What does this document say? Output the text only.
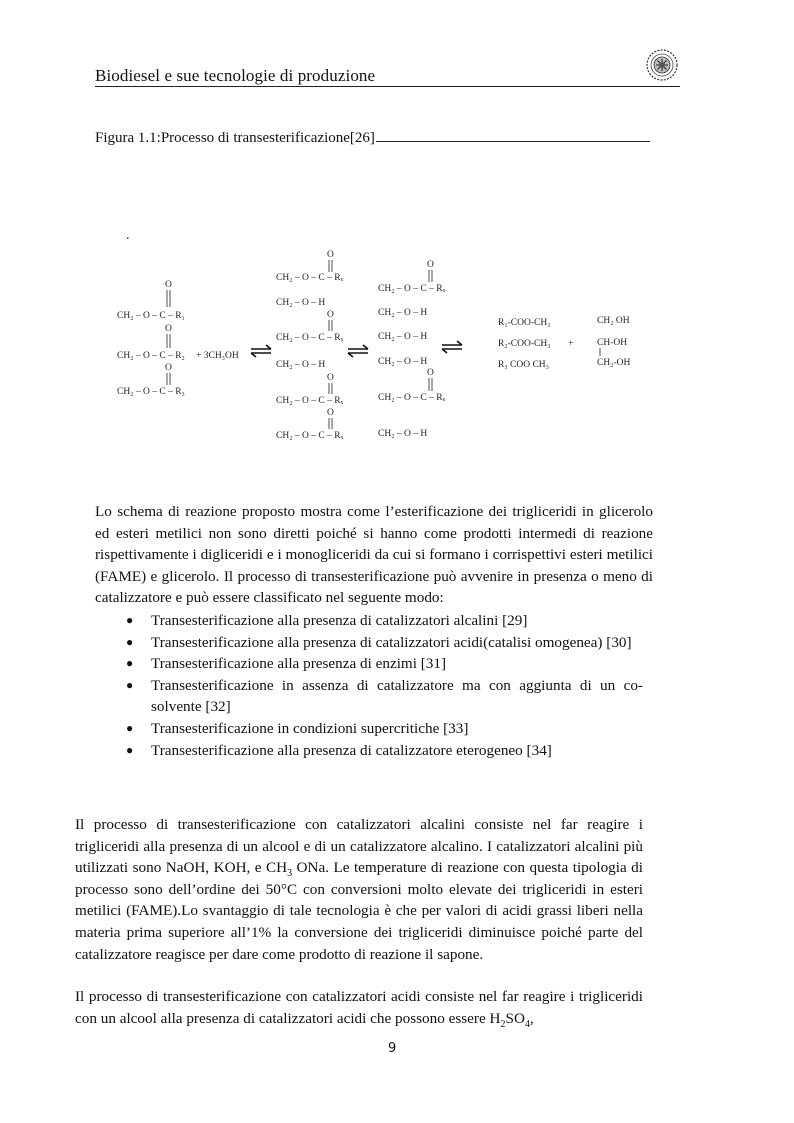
Biodiesel e sue tecnologie di produzione
Figura 1.1:Processo di transesterificazione[26]
.
O
CH₂ – O – C – R₁
O
CH₂ – O – C – R₂ + 3CH₃OH
O
CH₂ – O – C – R₃
O
CH₂ – O – C – Rₓ
CH₂ – O – H
O
CH₂ – O – C – Rₓ
CH₂ – O – H
O
CH₂ – O – C – Rₓ
O
CH₂ – O – C – Rₓ
O
CH₂ – O – C – Rₓ
CH₂ – O – H
CH₂ – O – H
CH₂ – O – H
O
CH₂ – O – C – Rₓ
CH₂ – O – H
R₁-COO-CH₃
R₂-COO-CH₃
R₃ COO CH₃
+
CH₂ OH
CH-OH
CH₂-OH

Lo schema di reazione proposto mostra come l’esterificazione dei trigliceridi in glicerolo ed esteri metilici non sono diretti poiché si hanno come prodotti intermedi di reazione rispettivamente i digliceridi e i monogliceridi da cui si formano i corrispettivi esteri metilici (FAME) e glicerolo. Il processo di transesterificazione può avvenire in presenza o meno di catalizzatore e può essere classificato nel seguente modo:

● Transesterificazione alla presenza di catalizzatori alcalini [29]
● Transesterificazione alla presenza di catalizzatori acidi(catalisi omogenea) [30]
● Transesterificazione alla presenza di enzimi [31]
● Transesterificazione in assenza di catalizzatore ma con aggiunta di un co-solvente [32]
● Transesterificazione in condizioni supercritiche [33]
● Transesterificazione alla presenza di catalizzatore eterogeneo [34]

Il processo di transesterificazione con catalizzatori alcalini consiste nel far reagire i trigliceridi alla presenza di un alcool e di un catalizzatore alcalino. I catalizzatori alcalini più utilizzati sono NaOH, KOH, e $CH_3$ ONa. Le temperature di reazione con questa tipologia di processo sono dell’ordine dei 50°C con conversioni molto elevate dei trigliceridi in esteri metilici (FAME).Lo svantaggio di tale tecnologia è che per valori di acidi grassi liberi nella materia prima superiore all’1% la conversione dei trigliceridi diminuisce poiché parte del catalizzatore reagisce per dare come prodotto di reazione il sapone.

Il processo di transesterificazione con catalizzatori acidi consiste nel far reagire i trigliceridi con un alcool alla presenza di catalizzatori acidi che possono essere $H_2SO_4$,

9
